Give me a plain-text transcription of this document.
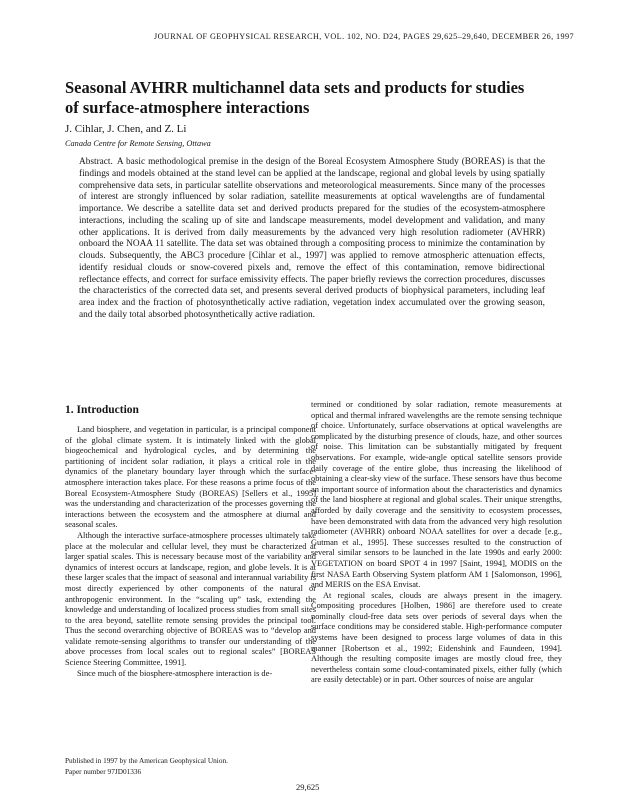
JOURNAL OF GEOPHYSICAL RESEARCH, VOL. 102, NO. D24, PAGES 29,625–29,640, DECEMBER 26, 1997
Seasonal AVHRR multichannel data sets and products for studies of surface-atmosphere interactions
J. Cihlar, J. Chen, and Z. Li
Canada Centre for Remote Sensing, Ottawa

Abstract. A basic methodological premise in the design of the Boreal Ecosystem Atmosphere Study (BOREAS) is that the findings and models obtained at the stand level can be applied at the landscape, regional and global levels by using spatially comprehensive data sets, in particular satellite observations and meteorological measurements. Since many of the processes of interest are strongly influenced by solar radiation, satellite measurements at optical wavelengths are of fundamental importance. We describe a satellite data set and derived products prepared for the studies of the ecosystem-atmosphere interactions, including the scaling up of site and landscape measurements, model development and validation, and many other applications. It is derived from daily measurements by the advanced very high resolution radiometer (AVHRR) onboard the NOAA 11 satellite. The data set was obtained through a compositing process to minimize the contamination by clouds. Subsequently, the ABC3 procedure [Cihlar et al., 1997] was applied to remove atmospheric attenuation effects, identify residual clouds or snow-covered pixels and, remove the effect of this contamination, remove bidirectional reflectance effects, and correct for surface emissivity effects. The paper briefly reviews the correction procedures, discusses the characteristics of the corrected data set, and presents several derived products of biophysical parameters, including leaf area index and the fraction of photosynthetically active radiation, vegetation index accumulated over the growing season, and the daily total absorbed photosynthetically active radiation.

1. Introduction

Land biosphere, and vegetation in particular, is a principal component of the global climate system. It is intimately linked with the global biogeochemical and hydrological cycles, and by determining the partitioning of incident solar radiation, it plays a critical role in the dynamics of the planetary boundary layer through which the surface-atmosphere interaction takes place. For these reasons a prime focus of the Boreal Ecosystem-Atmosphere Study (BOREAS) [Sellers et al., 1995] was the understanding and characterization of the processes governing the interactions between the ecosystem and the atmosphere at diurnal and seasonal scales.

Although the interactive surface-atmosphere processes ultimately take place at the molecular and cellular level, they must be characterized at larger spatial scales. This is necessary because most of the variability and dynamics of interest occurs at landscape, region, and globe levels. It is at these larger scales that the impact of seasonal and interannual variability is most directly experienced by other components of the natural or anthropogenic environment. In the “scaling up” task, extending the knowledge and understanding of localized process studies from small sites to the area beyond, satellite remote sensing provides the principal tool. Thus the second overarching objective of BOREAS was to “develop and validate remote-sensing algorithms to transfer our understanding of the above processes from local scales out to regional scales” [BOREAS Science Steering Committee, 1991].

Since much of the biosphere-atmosphere interaction is de-

termined or conditioned by solar radiation, remote measurements at optical and thermal infrared wavelengths are the remote sensing technique of choice. Unfortunately, surface observations at optical wavelengths are complicated by the disturbing presence of clouds, haze, and other sources of noise. This limitation can be substantially mitigated by frequent observations. For example, wide-angle optical satellite sensors provide daily coverage of the entire globe, thus increasing the likelihood of obtaining a clear-sky view of the surface. These sensors have thus become an important source of information about the characteristics and dynamics of the land biosphere at regional and global scales. Their unique strengths, afforded by daily coverage and the sensitivity to ecosystem processes, have been demonstrated with data from the advanced very high resolution radiometer (AVHRR) onboard NOAA satellites for over a decade [e.g., Gutman et al., 1995]. These successes resulted to the construction of several similar sensors to be launched in the late 1990s and early 2000: VEGETATION on board SPOT 4 in 1997 [Saint, 1994], MODIS on the first NASA Earth Observing System platform AM 1 [Salomonson, 1996], and MERIS on the ESA Envisat.

At regional scales, clouds are always present in the imagery. Compositing procedures [Holben, 1986] are therefore used to create nominally cloud-free data sets over periods of several days when the surface conditions may be considered stable. High-performance computer systems have been designed to process large volumes of data in this manner [Robertson et al., 1992; Eidenshink and Faundeen, 1994]. Although the resulting composite images are mostly cloud free, they nevertheless contain some cloud-contaminated pixels, either fully (which are easily detectable) or in part. Other sources of noise are angular

Published in 1997 by the American Geophysical Union.
Paper number 97JD01336
29,625
